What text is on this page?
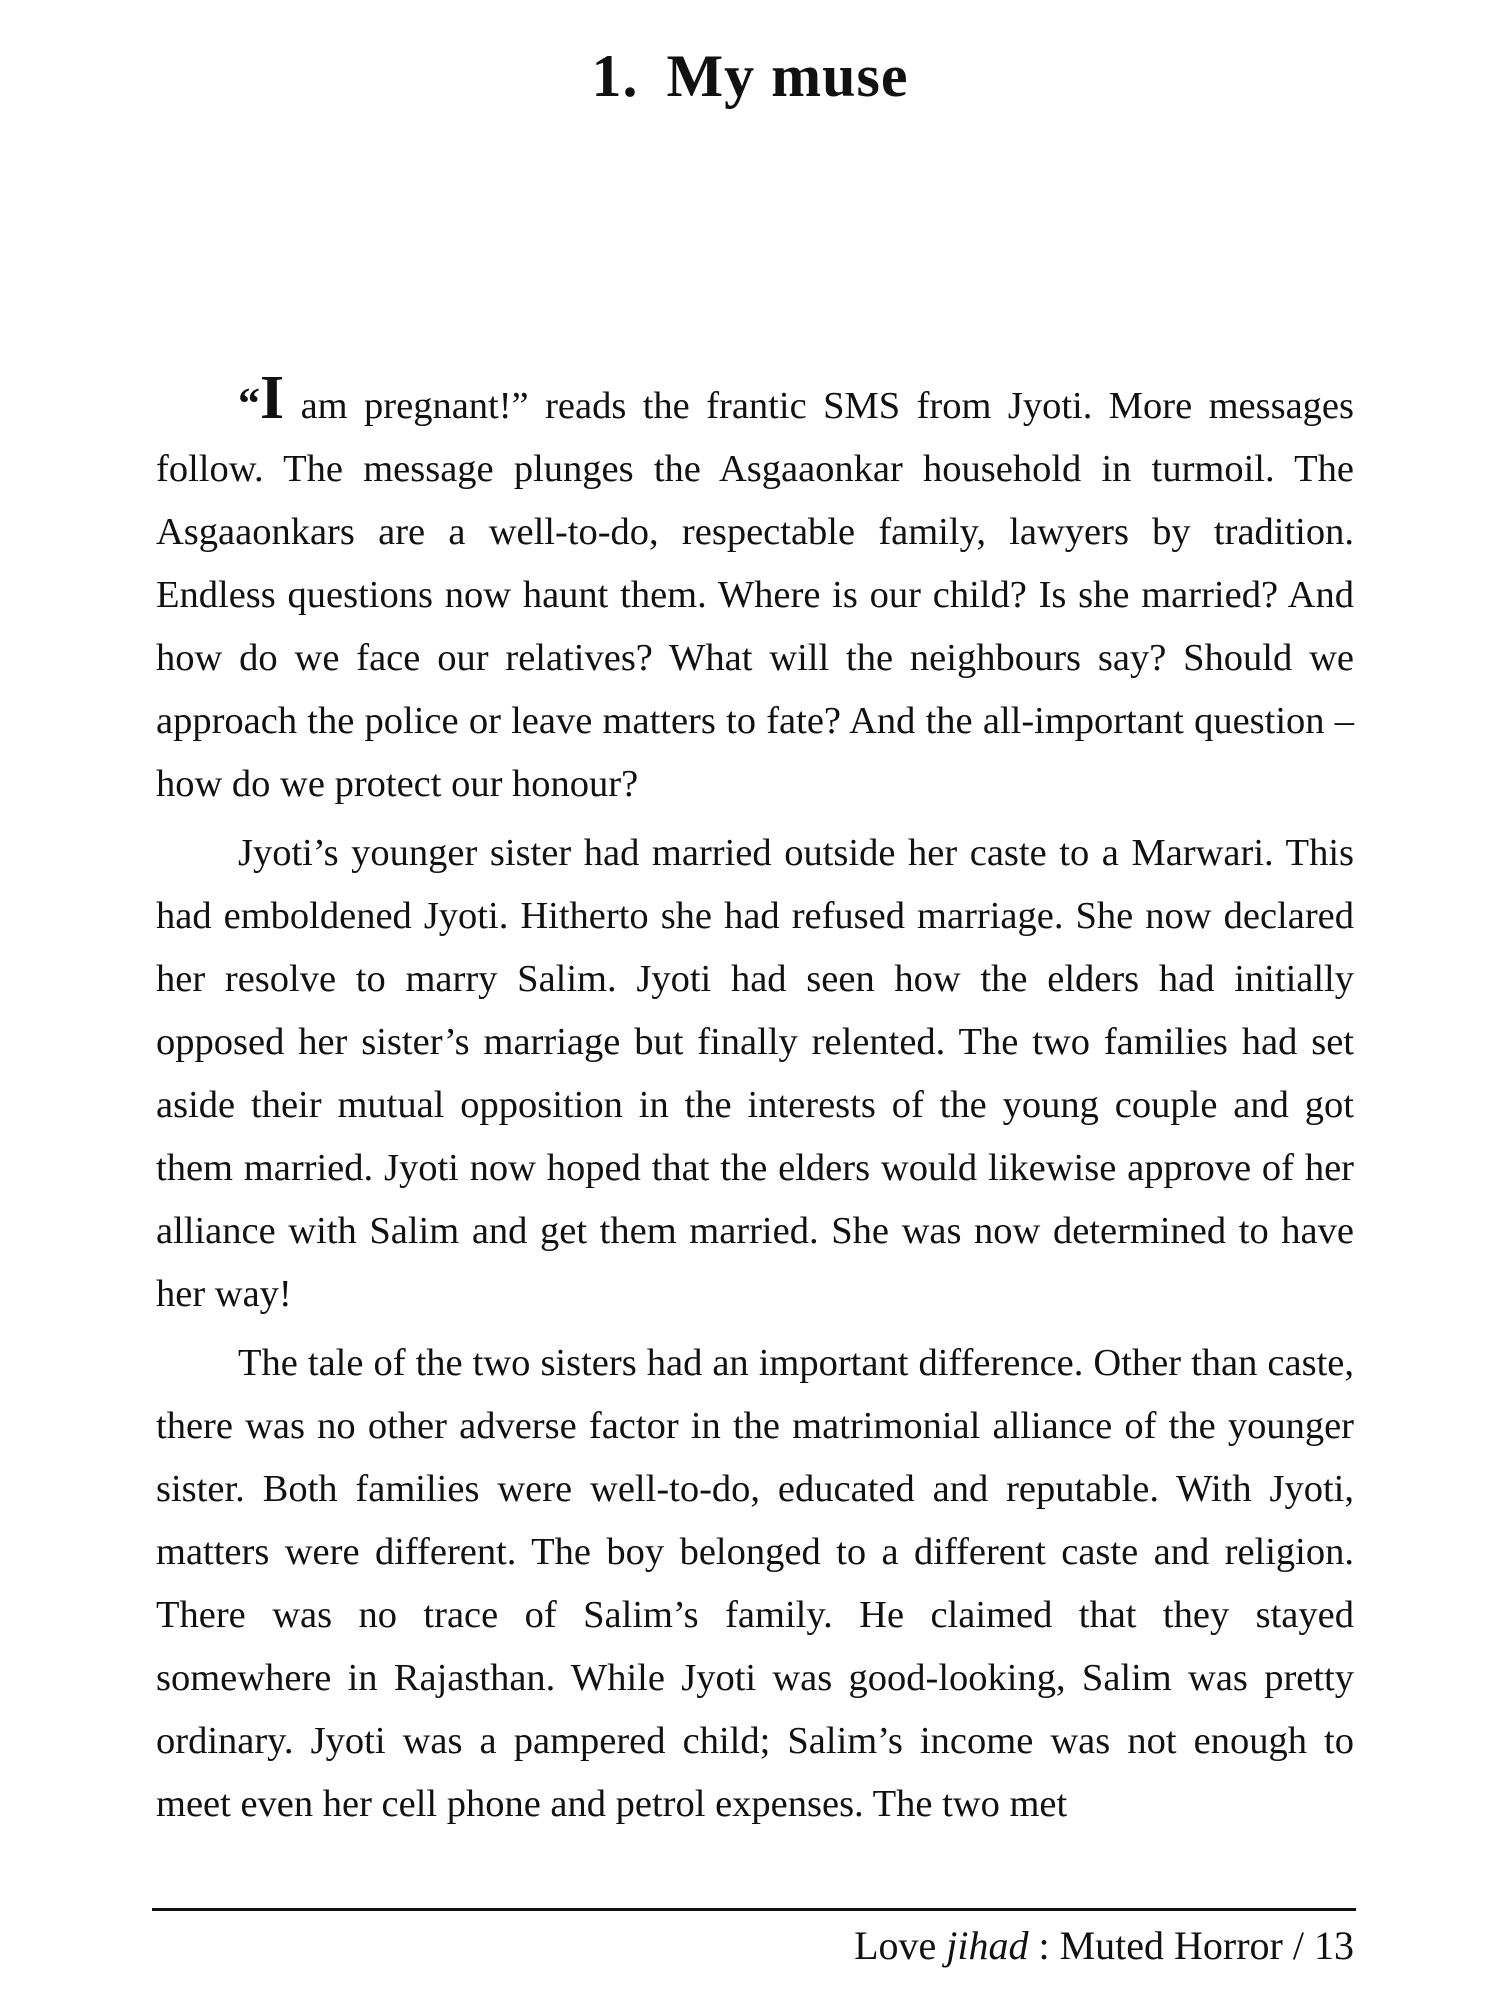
1. My muse

“I am pregnant!” reads the frantic SMS from Jyoti. More messages follow. The message plunges the Asgaaonkar household in turmoil. The Asgaaonkars are a well-to-do, respectable family, lawyers by tradition. Endless questions now haunt them. Where is our child? Is she married? And how do we face our relatives? What will the neighbours say? Should we approach the police or leave matters to fate? And the all-important question – how do we protect our honour?

Jyoti’s younger sister had married outside her caste to a Marwari. This had emboldened Jyoti. Hitherto she had refused marriage. She now declared her resolve to marry Salim. Jyoti had seen how the elders had initially opposed her sister’s marriage but finally relented. The two families had set aside their mutual opposition in the interests of the young couple and got them married. Jyoti now hoped that the elders would likewise approve of her alliance with Salim and get them married. She was now determined to have her way!

The tale of the two sisters had an important difference. Other than caste, there was no other adverse factor in the matrimonial alliance of the younger sister. Both families were well-to-do, educated and reputable. With Jyoti, matters were different. The boy belonged to a different caste and religion. There was no trace of Salim’s family. He claimed that they stayed somewhere in Rajasthan. While Jyoti was good-looking, Salim was pretty ordinary. Jyoti was a pampered child; Salim’s income was not enough to meet even her cell phone and petrol expenses. The two met

Love jihad : Muted Horror / 13
